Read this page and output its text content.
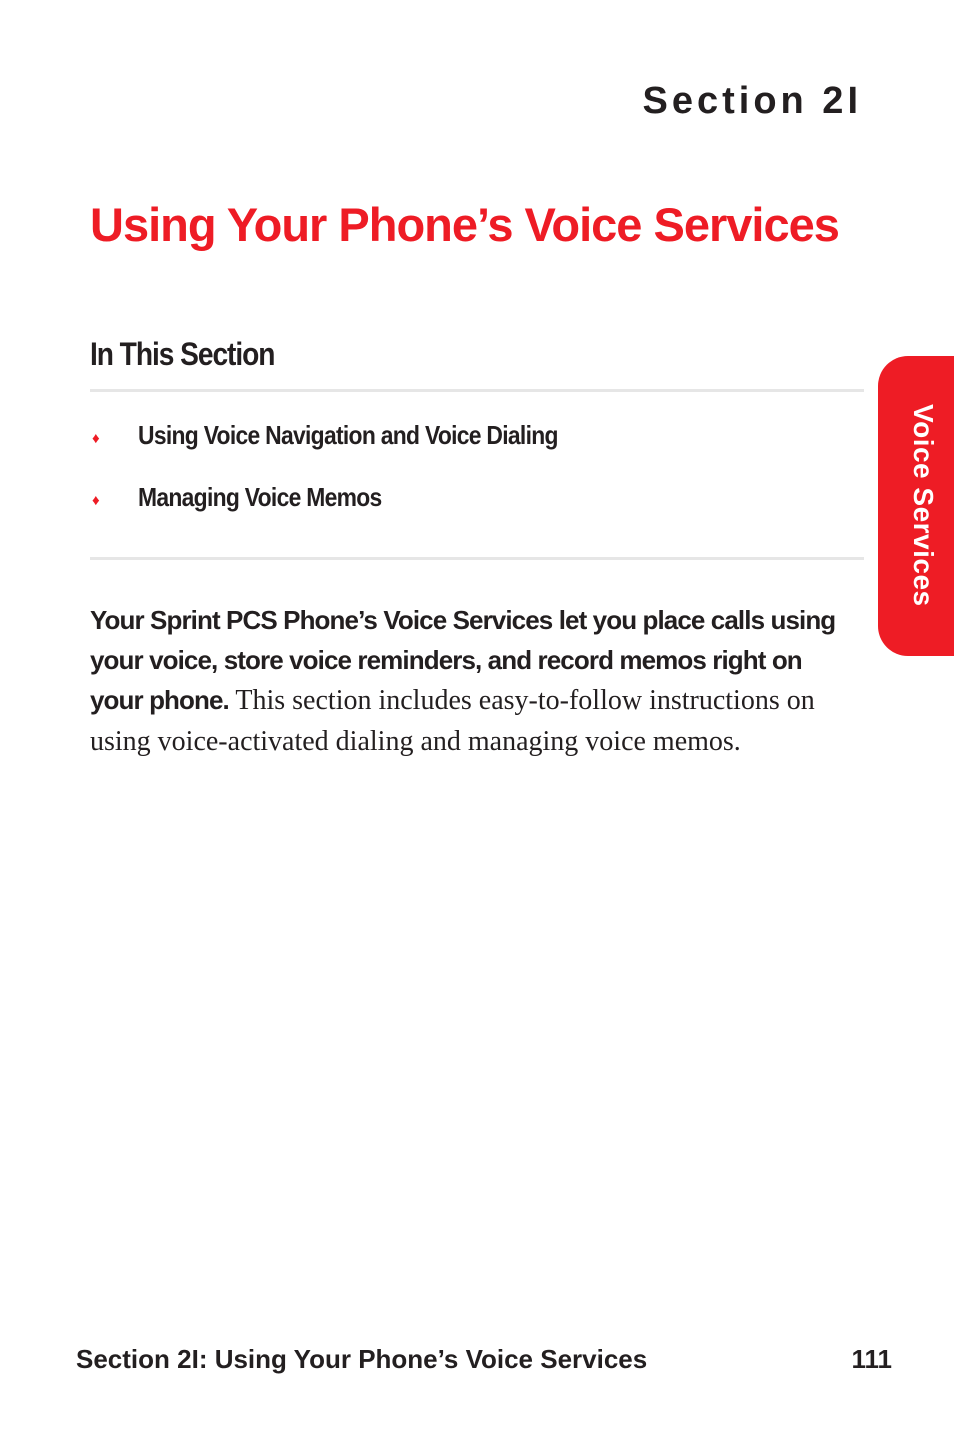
Section 2I
Using Your Phone’s Voice Services
In This Section
♦	Using Voice Navigation and Voice Dialing
♦	Managing Voice Memos

Your Sprint PCS Phone’s Voice Services let you place calls using your voice, store voice reminders, and record memos right on your phone. This section includes easy-to-follow instructions on using voice-activated dialing and managing voice memos.

Voice Services
Section 2I: Using Your Phone’s Voice Services	111
